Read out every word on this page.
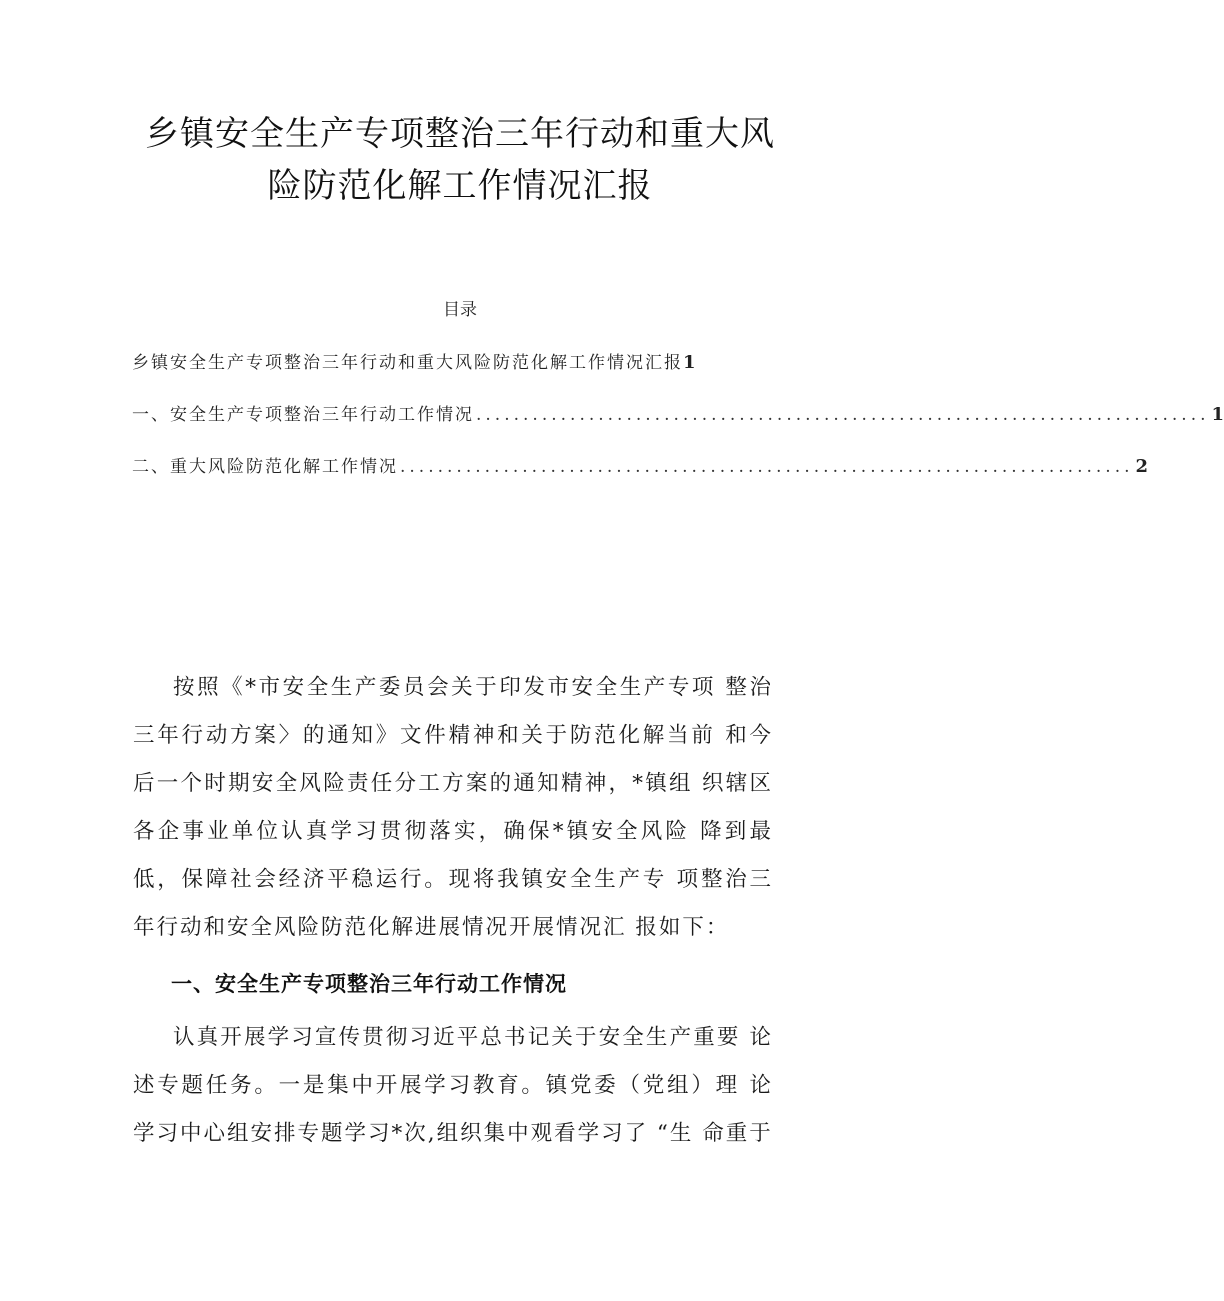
乡镇安全生产专项整治三年行动和重大风
险防范化解工作情况汇报
目录
乡镇安全生产专项整治三年行动和重大风险防范化解工作情况汇报 1
一、安全生产专项整治三年行动工作情况 .............................................................................. 1
二、重大风险防范化解工作情况 .............................................................................. 2

按照《*市安全生产委员会关于印发市安全生产专项 整治三年行动方案〉的通知》文件精神和关于防范化解当前 和今后一个时期安全风险责任分工方案的通知精神，*镇组 织辖区各企事业单位认真学习贯彻落实，确保*镇安全风险 降到最低，保障社会经济平稳运行。现将我镇安全生产专 项整治三年行动和安全风险防范化解进展情况开展情况汇 报如下：

一、安全生产专项整治三年行动工作情况

认真开展学习宣传贯彻习近平总书记关于安全生产重要 论述专题任务。一是集中开展学习教育。镇党委（党组）理 论学习中心组安排专题学习*次,组织集中观看学习了 “生 命重于
